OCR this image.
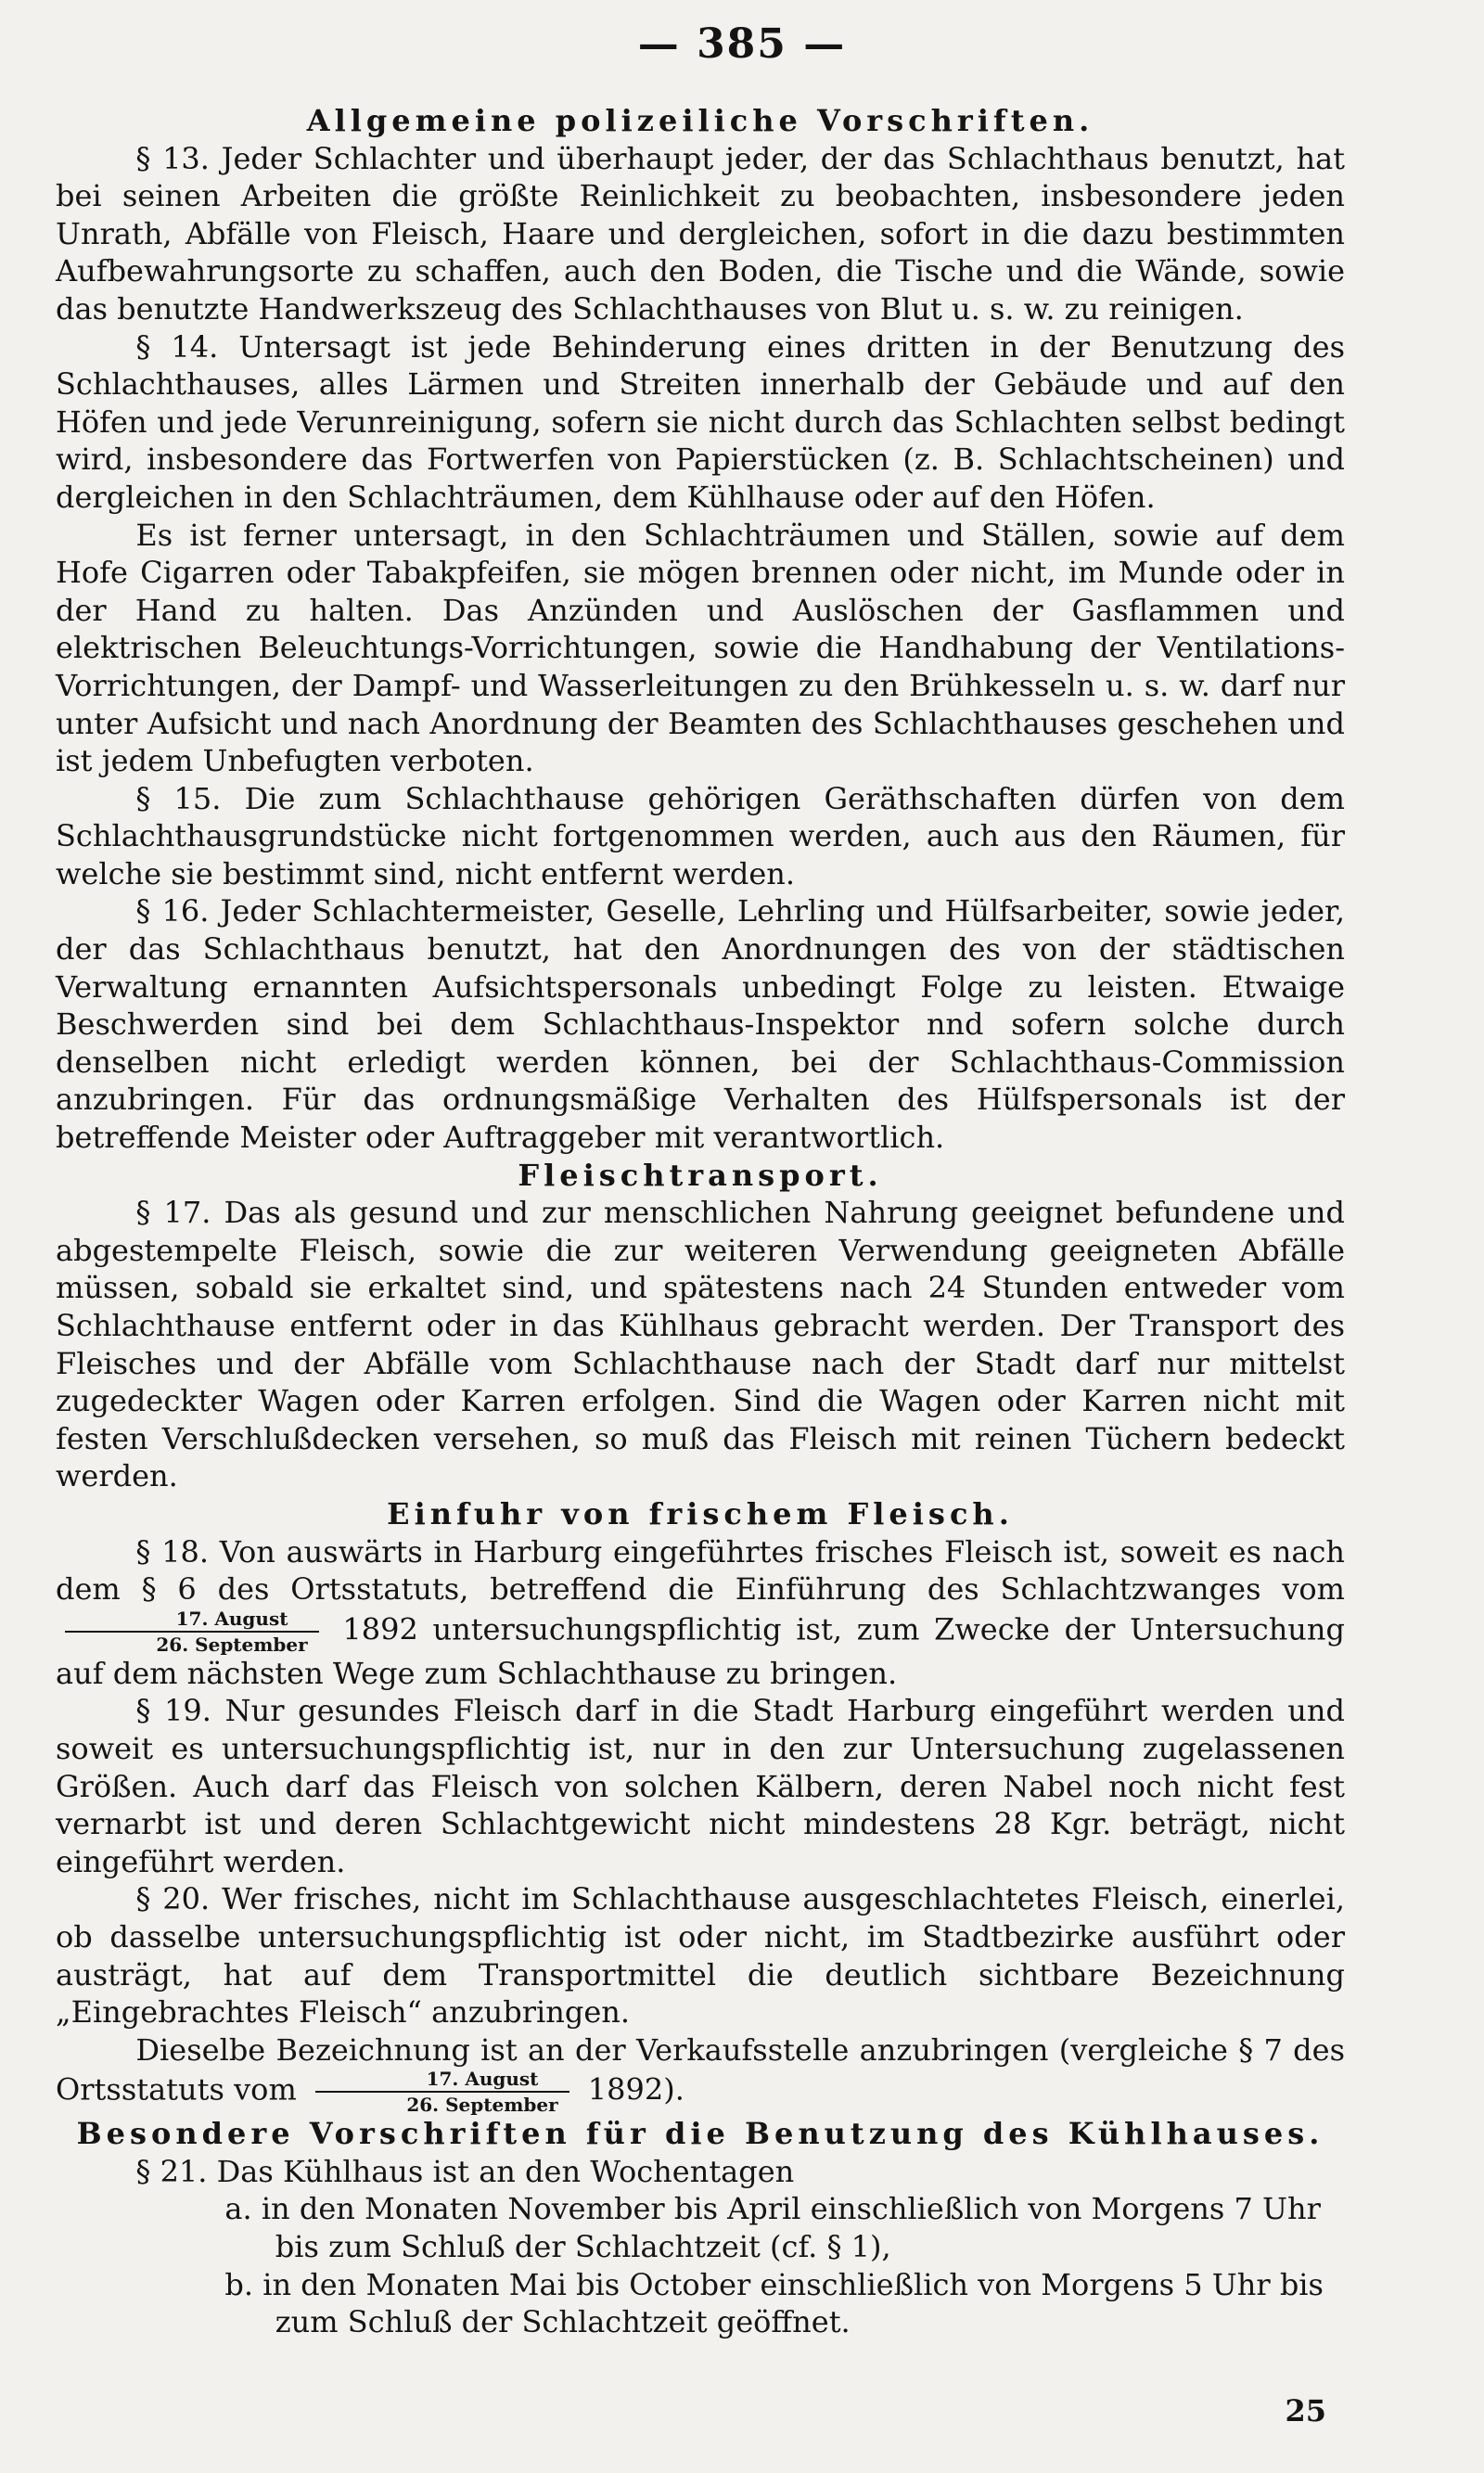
— 385 —
Allgemeine polizeiliche Vorschriften.
§ 13. Jeder Schlachter und überhaupt jeder, der das Schlachthaus benutzt, hat bei seinen Arbeiten die größte Reinlichkeit zu beobachten, insbesondere jeden Unrath, Abfälle von Fleisch, Haare und dergleichen, sofort in die dazu bestimmten Aufbewahrungsorte zu schaffen, auch den Boden, die Tische und die Wände, sowie das benutzte Handwerkszeug des Schlachthauses von Blut u. s. w. zu reinigen.
§ 14. Untersagt ist jede Behinderung eines dritten in der Benutzung des Schlachthauses, alles Lärmen und Streiten innerhalb der Gebäude und auf den Höfen und jede Verunreinigung, sofern sie nicht durch das Schlachten selbst bedingt wird, insbesondere das Fortwerfen von Papierstücken (z. B. Schlachtscheinen) und dergleichen in den Schlachträumen, dem Kühlhause oder auf den Höfen.
Es ist ferner untersagt, in den Schlachträumen und Ställen, sowie auf dem Hofe Cigarren oder Tabakpfeifen, sie mögen brennen oder nicht, im Munde oder in der Hand zu halten. Das Anzünden und Auslöschen der Gasflammen und elektrischen Beleuchtungs-Vorrichtungen, sowie die Handhabung der Ventilations-Vorrichtungen, der Dampf- und Wasserleitungen zu den Brühkesseln u. s. w. darf nur unter Aufsicht und nach Anordnung der Beamten des Schlachthauses geschehen und ist jedem Unbefugten verboten.
§ 15. Die zum Schlachthause gehörigen Geräthschaften dürfen von dem Schlachthausgrundstücke nicht fortgenommen werden, auch aus den Räumen, für welche sie bestimmt sind, nicht entfernt werden.
§ 16. Jeder Schlachtermeister, Geselle, Lehrling und Hülfsarbeiter, sowie jeder, der das Schlachthaus benutzt, hat den Anordnungen des von der städtischen Verwaltung ernannten Aufsichtspersonals unbedingt Folge zu leisten. Etwaige Beschwerden sind bei dem Schlachthaus-Inspektor nnd sofern solche durch denselben nicht erledigt werden können, bei der Schlachthaus-Commission anzubringen. Für das ordnungsmäßige Verhalten des Hülfspersonals ist der betreffende Meister oder Auftraggeber mit verantwortlich.
Fleischtransport.
§ 17. Das als gesund und zur menschlichen Nahrung geeignet befundene und abgestempelte Fleisch, sowie die zur weiteren Verwendung geeigneten Abfälle müssen, sobald sie erkaltet sind, und spätestens nach 24 Stunden entweder vom Schlachthause entfernt oder in das Kühlhaus gebracht werden. Der Transport des Fleisches und der Abfälle vom Schlachthause nach der Stadt darf nur mittelst zugedeckter Wagen oder Karren erfolgen. Sind die Wagen oder Karren nicht mit festen Verschlußdecken versehen, so muß das Fleisch mit reinen Tüchern bedeckt werden.
Einfuhr von frischem Fleisch.
§ 18. Von auswärts in Harburg eingeführtes frisches Fleisch ist, soweit es nach dem § 6 des Ortsstatuts, betreffend die Einführung des Schlachtzwanges vom
$\frac{\text{17. August}}{\text{26. September}} 1892$ untersuchungspflichtig ist, zum Zwecke der Untersuchung auf dem nächsten Wege zum Schlachthause zu bringen.
§ 19. Nur gesundes Fleisch darf in die Stadt Harburg eingeführt werden und soweit es untersuchungspflichtig ist, nur in den zur Untersuchung zugelassenen Größen. Auch darf das Fleisch von solchen Kälbern, deren Nabel noch nicht fest vernarbt ist und deren Schlachtgewicht nicht mindestens 28 Kgr. beträgt, nicht eingeführt werden.
§ 20. Wer frisches, nicht im Schlachthause ausgeschlachtetes Fleisch, einerlei, ob dasselbe untersuchungspflichtig ist oder nicht, im Stadtbezirke ausführt oder austrägt, hat auf dem Transportmittel die deutlich sichtbare Bezeichnung „Eingebrachtes Fleisch“ anzubringen.
Dieselbe Bezeichnung ist an der Verkaufsstelle anzubringen (vergleiche § 7 des Ortsstatuts vom $\frac{\text{17. August}}{\text{26. September}} 1892$).
Besondere Vorschriften für die Benutzung des Kühlhauses.
§ 21. Das Kühlhaus ist an den Wochentagen
a. in den Monaten November bis April einschließlich von Morgens 7 Uhr bis zum Schluß der Schlachtzeit (cf. § 1),
b. in den Monaten Mai bis October einschließlich von Morgens 5 Uhr bis zum Schluß der Schlachtzeit geöffnet.
25
